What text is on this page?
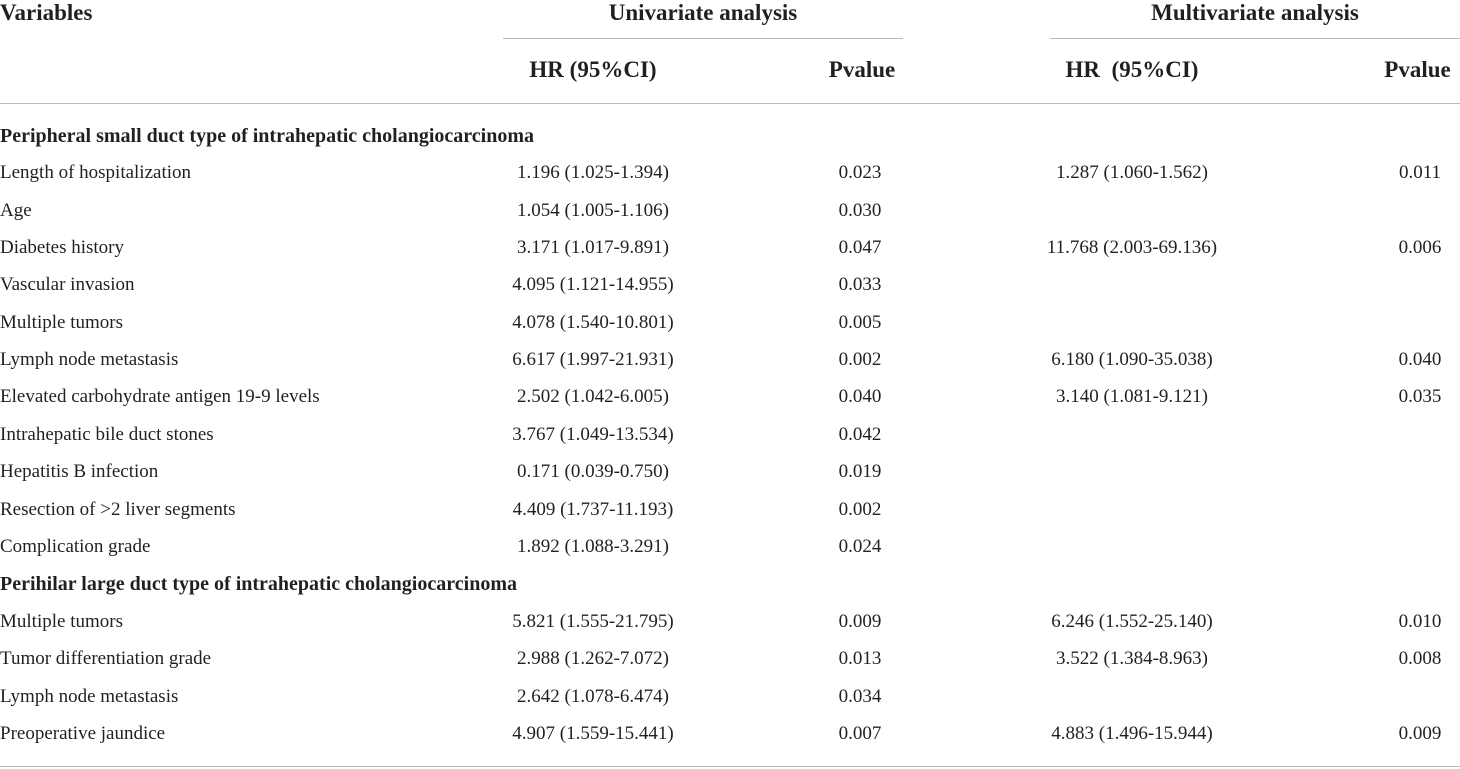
Variables	Univariate analysis	Multivariate analysis
HR (95%CI)	Pvalue	HR  (95%CI)	Pvalue
Peripheral small duct type of intrahepatic cholangiocarcinoma
Length of hospitalization	1.196 (1.025-1.394)	0.023	1.287 (1.060-1.562)	0.011
Age	1.054 (1.005-1.106)	0.030
Diabetes history	3.171 (1.017-9.891)	0.047	11.768 (2.003-69.136)	0.006
Vascular invasion	4.095 (1.121-14.955)	0.033
Multiple tumors	4.078 (1.540-10.801)	0.005
Lymph node metastasis	6.617 (1.997-21.931)	0.002	6.180 (1.090-35.038)	0.040
Elevated carbohydrate antigen 19-9 levels	2.502 (1.042-6.005)	0.040	3.140 (1.081-9.121)	0.035
Intrahepatic bile duct stones	3.767 (1.049-13.534)	0.042
Hepatitis B infection	0.171 (0.039-0.750)	0.019
Resection of >2 liver segments	4.409 (1.737-11.193)	0.002
Complication grade	1.892 (1.088-3.291)	0.024
Perihilar large duct type of intrahepatic cholangiocarcinoma
Multiple tumors	5.821 (1.555-21.795)	0.009	6.246 (1.552-25.140)	0.010
Tumor differentiation grade	2.988 (1.262-7.072)	0.013	3.522 (1.384-8.963)	0.008
Lymph node metastasis	2.642 (1.078-6.474)	0.034
Preoperative jaundice	4.907 (1.559-15.441)	0.007	4.883 (1.496-15.944)	0.009
